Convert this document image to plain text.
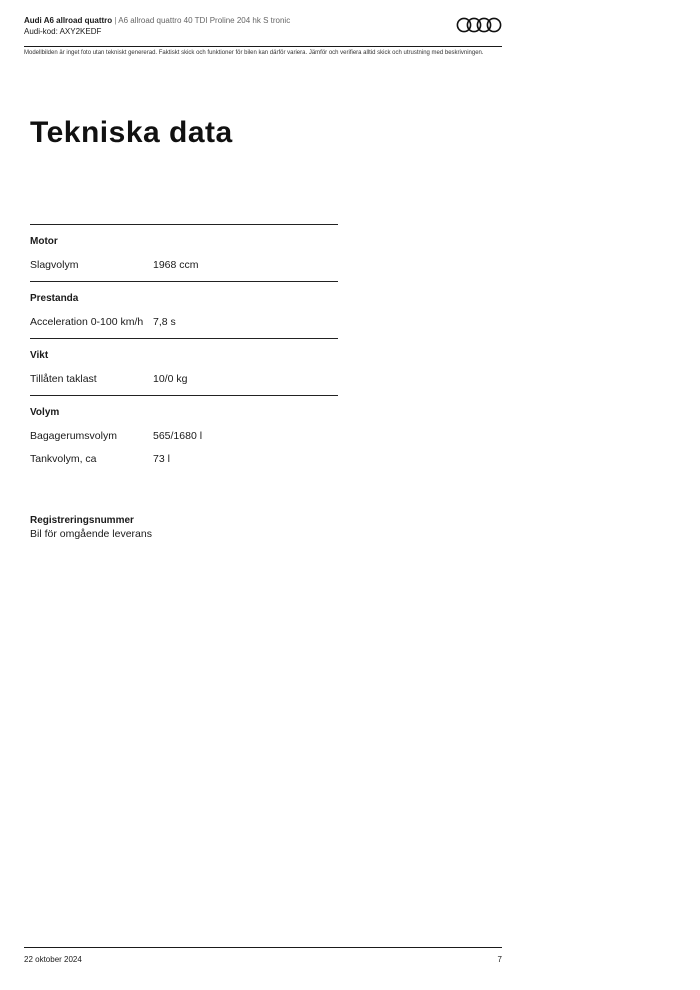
Audi A6 allroad quattro | A6 allroad quattro 40 TDI Proline 204 hk S tronic
Audi-kod: AXY2KEDF
Modellbilden är inget foto utan tekniskt genererad. Faktiskt skick och funktioner för bilen kan därför variera. Jämför och verifiera alltid skick och utrustning med beskrivningen.
Tekniska data
Motor
Slagvolym	1968 ccm
Prestanda
Acceleration 0-100 km/h 7,8 s
Vikt
Tillåten taklast	10/0 kg
Volym
Bagagerumsvolym	565/1680 l
Tankvolym, ca	73 l
Registreringsnummer
Bil för omgående leverans
22 oktober 2024	7
